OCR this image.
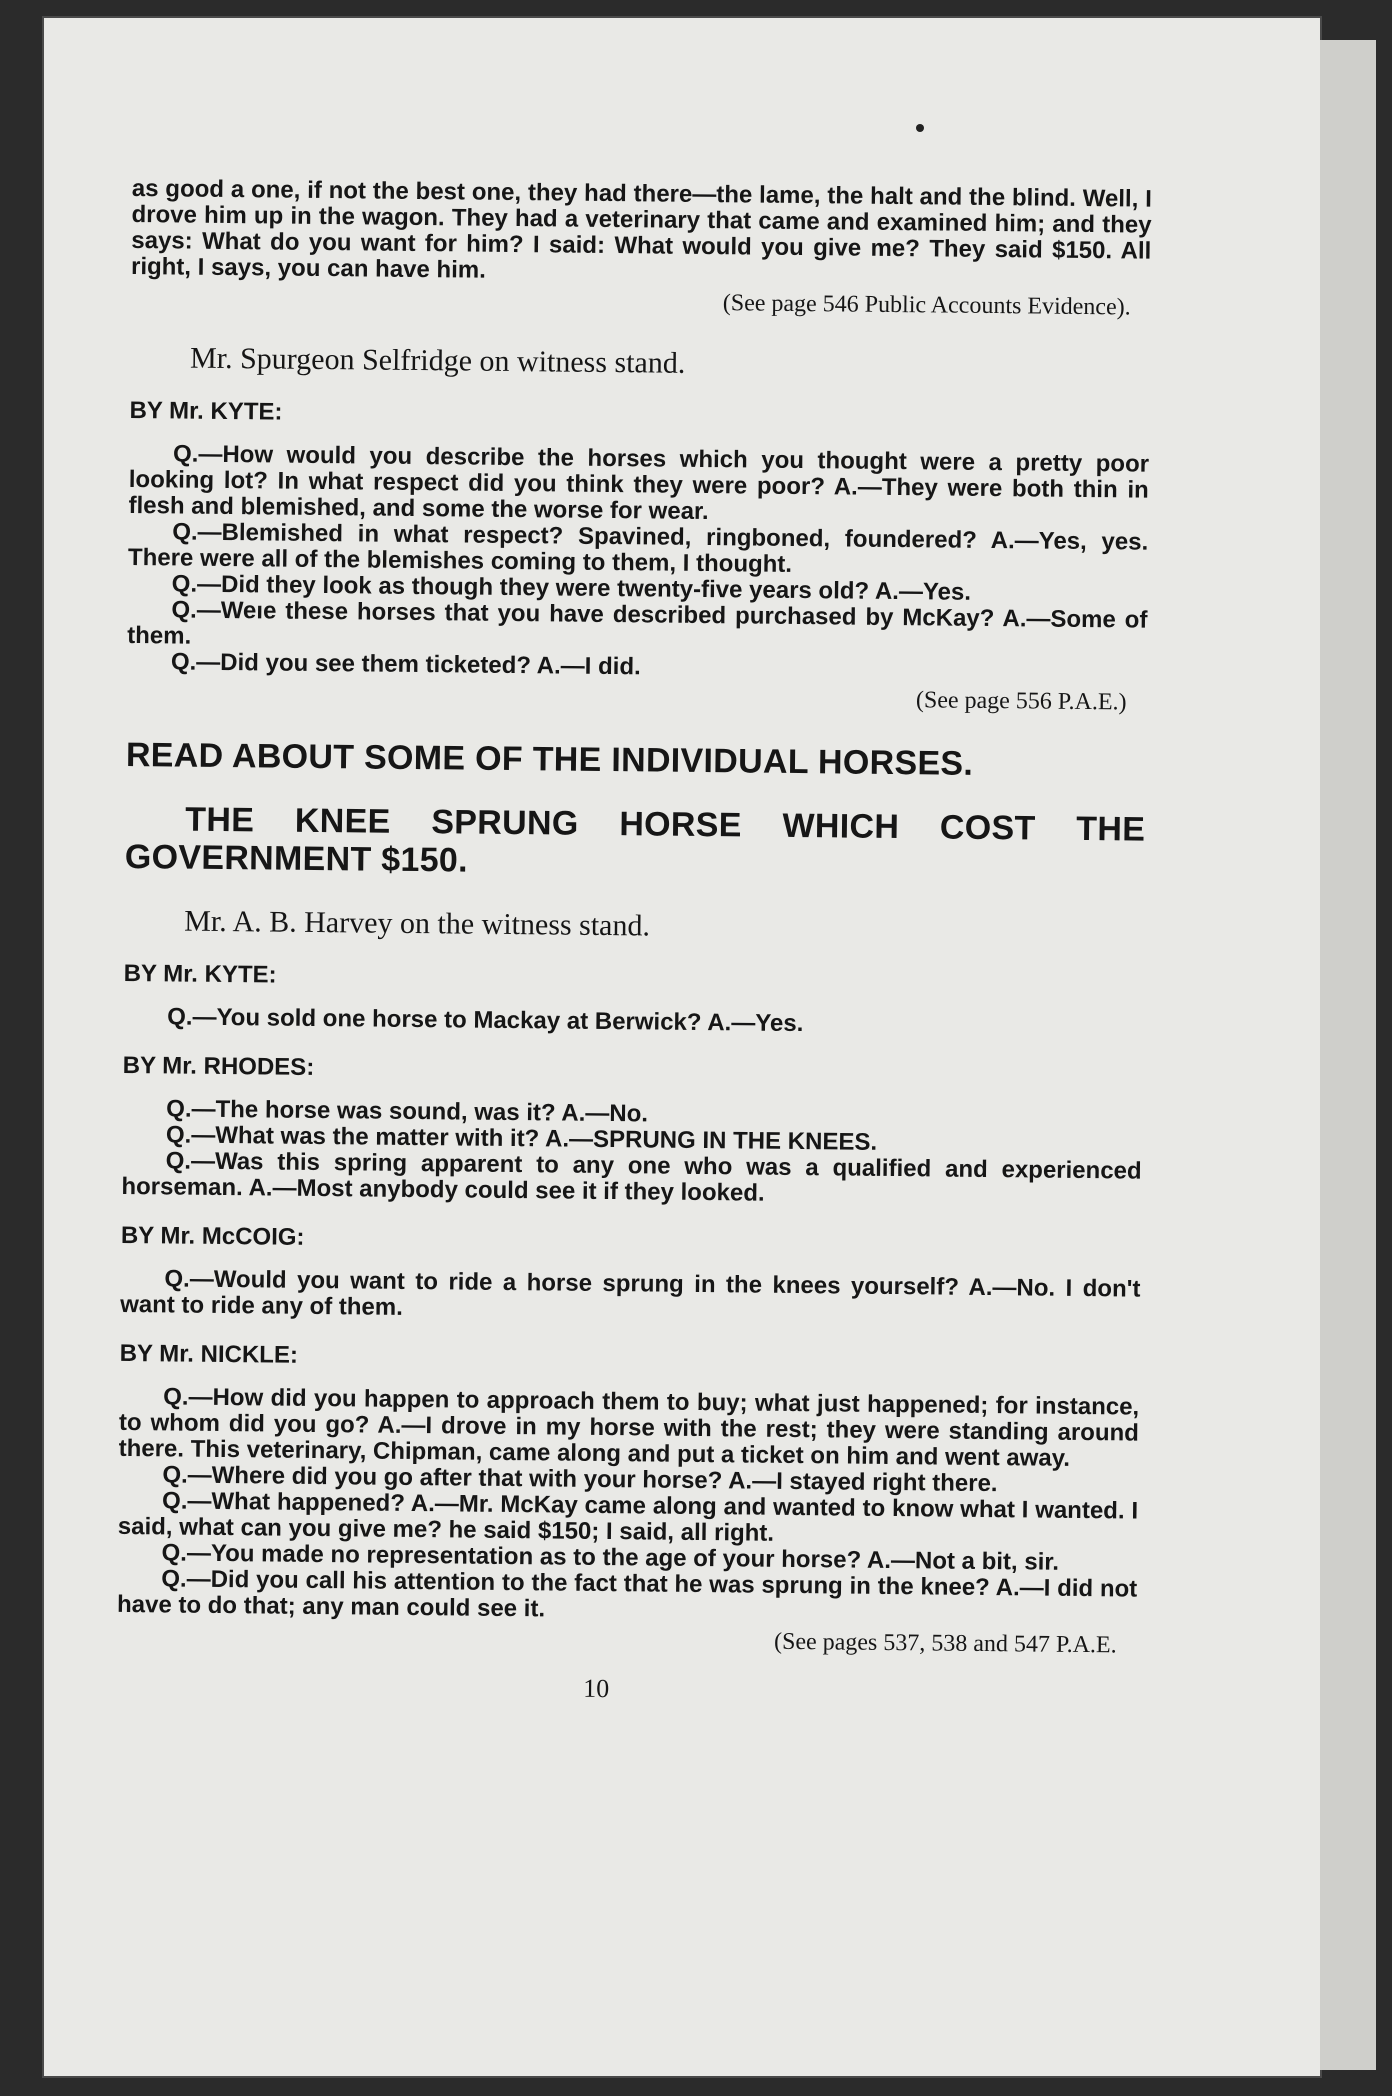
as good a one, if not the best one, they had there—the lame, the halt and the blind. Well, I drove him up in the wagon. They had a veterinary that came and examined him; and they says: What do you want for him? I said: What would you give me? They said $150. All right, I says, you can have him.

(See page 546 Public Accounts Evidence).

Mr. Spurgeon Selfridge on witness stand.

BY Mr. KYTE:

Q.—How would you describe the horses which you thought were a pretty poor looking lot? In what respect did you think they were poor? A.—They were both thin in flesh and blemished, and some the worse for wear.

Q.—Blemished in what respect? Spavined, ringboned, foundered? A.—Yes, yes. There were all of the blemishes coming to them, I thought.

Q.—Did they look as though they were twenty-five years old? A.—Yes.

Q.—Weıe these horses that you have described purchased by McKay? A.—Some of them.

Q.—Did you see them ticketed? A.—I did.

(See page 556 P.A.E.)

READ ABOUT SOME OF THE INDIVIDUAL HORSES.

THE KNEE SPRUNG HORSE WHICH COST THE GOVERNMENT $150.

Mr. A. B. Harvey on the witness stand.

BY Mr. KYTE:

Q.—You sold one horse to Mackay at Berwick? A.—Yes.

BY Mr. RHODES:

Q.—The horse was sound, was it? A.—No.

Q.—What was the matter with it? A.—SPRUNG IN THE KNEES.

Q.—Was this spring apparent to any one who was a qualified and experienced horseman. A.—Most anybody could see it if they looked.

BY Mr. McCOIG:

Q.—Would you want to ride a horse sprung in the knees yourself? A.—No. I don't want to ride any of them.

BY Mr. NICKLE:

Q.—How did you happen to approach them to buy; what just happened; for instance, to whom did you go? A.—I drove in my horse with the rest; they were standing around there. This veterinary, Chipman, came along and put a ticket on him and went away.

Q.—Where did you go after that with your horse? A.—I stayed right there.

Q.—What happened? A.—Mr. McKay came along and wanted to know what I wanted. I said, what can you give me? he said $150; I said, all right.

Q.—You made no representation as to the age of your horse? A.—Not a bit, sir.

Q.—Did you call his attention to the fact that he was sprung in the knee? A.—I did not have to do that; any man could see it.

(See pages 537, 538 and 547 P.A.E.

10
